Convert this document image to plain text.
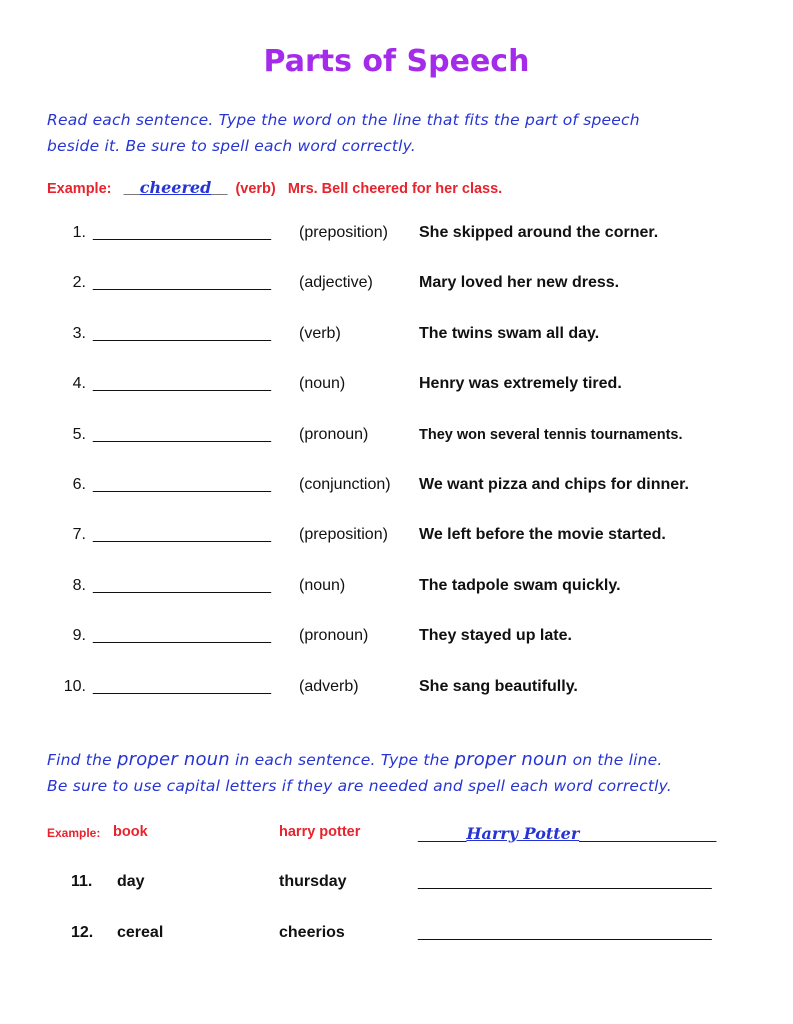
Parts of Speech
Read each sentence. Type the word on the line that fits the part of speech
beside it. Be sure to spell each word correctly.
Example: __cheered__ (verb) Mrs. Bell cheered for her class.
1. ____________________ (preposition) She skipped around the corner.
2. ____________________ (adjective)	Mary loved her new dress.
3. ____________________ (verb)	The twins swam all day.
4. ____________________ (noun)	Henry was extremely tired.
5. ____________________ (pronoun)	They won several tennis tournaments.
6. ____________________ (conjunction) We want pizza and chips for dinner.
7. ____________________ (preposition) We left before the movie started.
8. ____________________ (noun)	The tadpole swam quickly.
9. ____________________ (pronoun)	They stayed up late.
10. ____________________ (adverb)	She sang beautifully.
Find the proper noun in each sentence. Type the proper noun on the line.
Be sure to use capital letters if they are needed and spell each word correctly.
Example: book	harry potter	______Harry Potter_________________
11. day	thursday	_________________________________
12. cereal	cheerios	_________________________________
